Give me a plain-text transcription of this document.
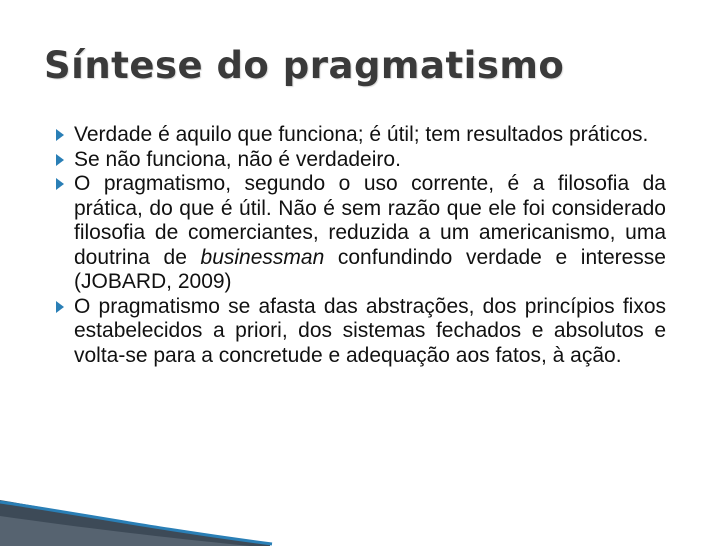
Síntese do pragmatismo
Verdade é aquilo que funciona; é útil; tem resultados práticos.
Se não funciona, não é verdadeiro.
O pragmatismo, segundo o uso corrente, é a filosofia da prática, do que é útil. Não é sem razão que ele foi considerado filosofia de comerciantes, reduzida a um americanismo, uma doutrina de businessman confundindo verdade e interesse (JOBARD, 2009)
O pragmatismo se afasta das abstrações, dos princípios fixos estabelecidos a priori, dos sistemas fechados e absolutos e volta-se para a concretude e adequação aos fatos, à ação.
